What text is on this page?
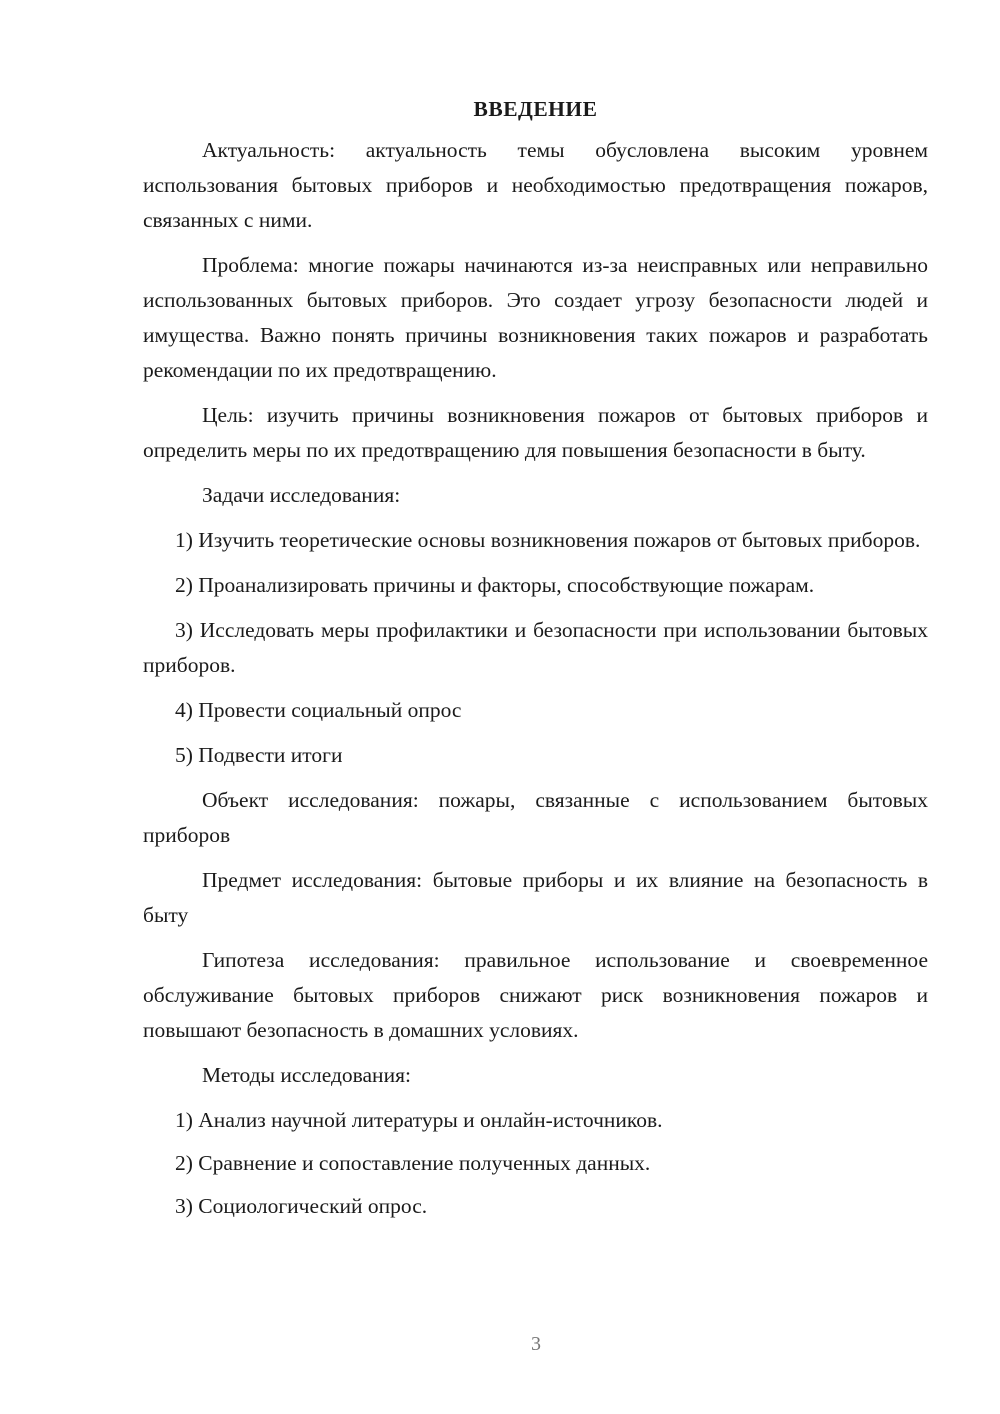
ВВЕДЕНИЕ

Актуальность: актуальность темы обусловлена высоким уровнем использования бытовых приборов и необходимостью предотвращения пожаров, связанных с ними.

Проблема: многие пожары начинаются из-за неисправных или неправильно использованных бытовых приборов. Это создает угрозу безопасности людей и имущества. Важно понять причины возникновения таких пожаров и разработать рекомендации по их предотвращению.

Цель: изучить причины возникновения пожаров от бытовых приборов и определить меры по их предотвращению для повышения безопасности в быту.

Задачи исследования:

1) Изучить теоретические основы возникновения пожаров от бытовых приборов.

2) Проанализировать причины и факторы, способствующие пожарам.

3) Исследовать меры профилактики и безопасности при использовании бытовых приборов.

4) Провести социальный опрос

5) Подвести итоги

Объект исследования: пожары, связанные с использованием бытовых приборов

Предмет исследования: бытовые приборы и их влияние на безопасность в быту

Гипотеза исследования: правильное использование и своевременное обслуживание бытовых приборов снижают риск возникновения пожаров и повышают безопасность в домашних условиях.

Методы исследования:

1) Анализ научной литературы и онлайн-источников.

2) Сравнение и сопоставление полученных данных.

3) Социологический опрос.

3
